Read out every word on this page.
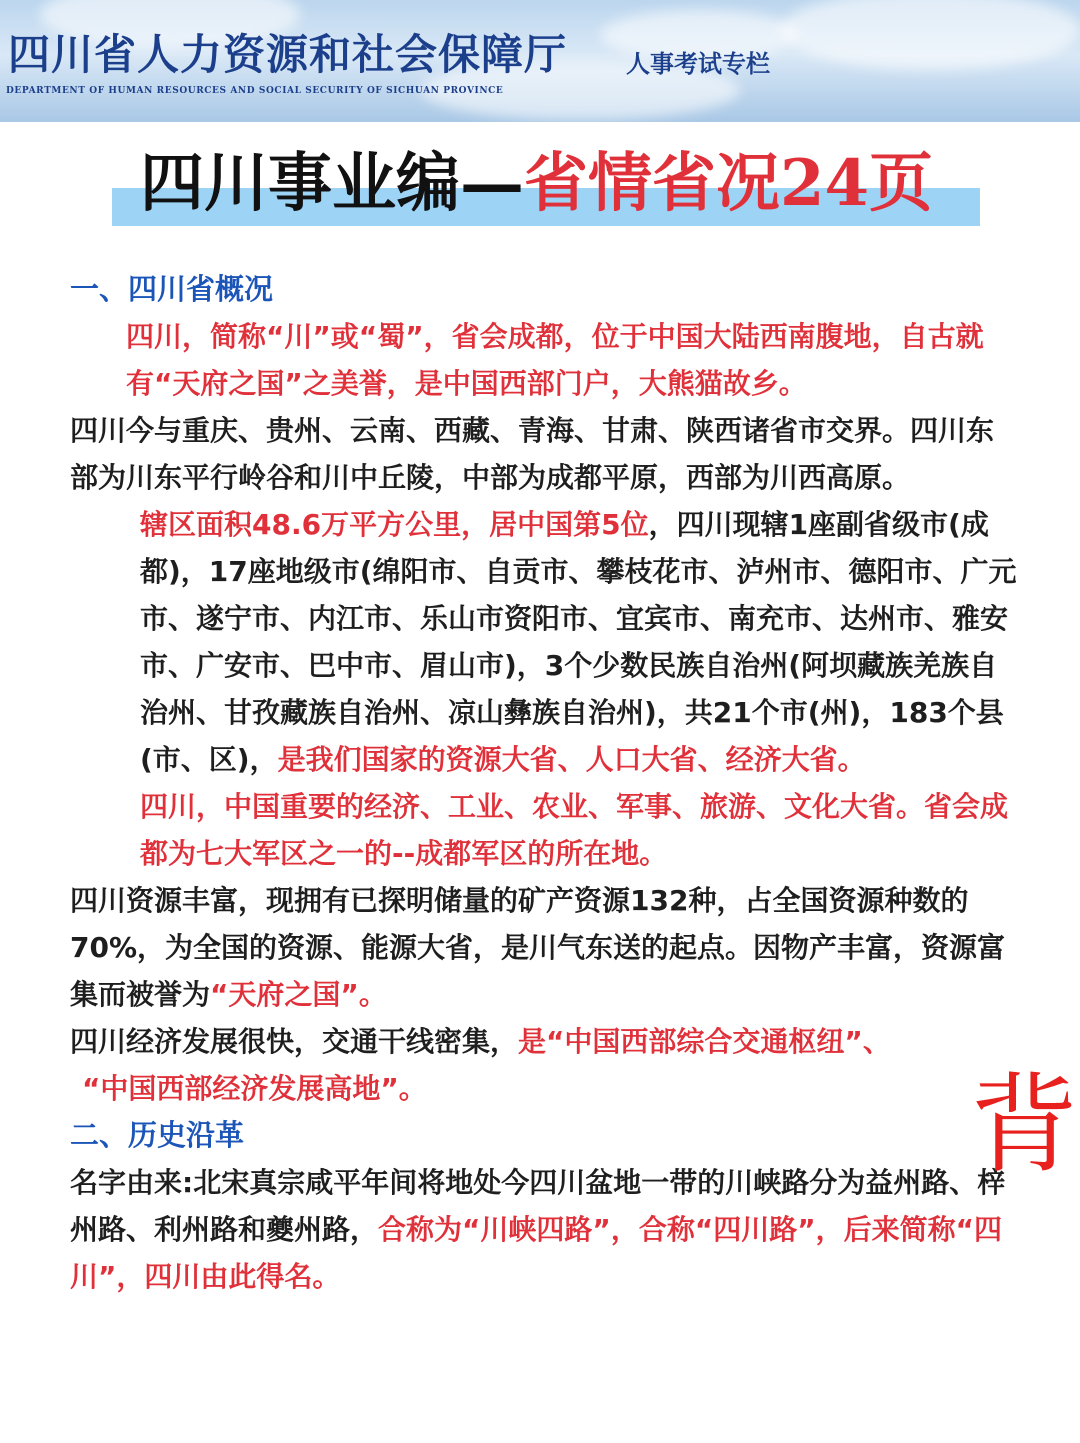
四川省人力资源和社会保障厅
DEPARTMENT OF HUMAN RESOURCES AND SOCIAL SECURITY OF SICHUAN PROVINCE
人事考试专栏
四川事业编—省情省况24页

一、四川省概况

四川，简称“川”或“蜀”，省会成都，位于中国大陆西南腹地，自古就有“天府之国”之美誉，是中国西部门户，大熊猫故乡。

四川今与重庆、贵州、云南、西藏、青海、甘肃、陕西诸省市交界。四川东部为川东平行岭谷和川中丘陵，中部为成都平原，西部为川西高原。

辖区面积48.6万平方公里，居中国第5位，四川现辖1座副省级市(成都)，17座地级市(绵阳市、自贡市、攀枝花市、泸州市、德阳市、广元市、遂宁市、内江市、乐山市资阳市、宜宾市、南充市、达州市、雅安市、广安市、巴中市、眉山市)，3个少数民族自治州(阿坝藏族羌族自治州、甘孜藏族自治州、凉山彝族自治州)，共21个市(州)，183个县(市、区)，是我们国家的资源大省、人口大省、经济大省。

四川，中国重要的经济、工业、农业、军事、旅游、文化大省。省会成都为七大军区之一的--成都军区的所在地。

四川资源丰富，现拥有已探明储量的矿产资源132种，占全国资源种数的70%，为全国的资源、能源大省，是川气东送的起点。因物产丰富，资源富集而被誉为“天府之国”。

四川经济发展很快，交通干线密集，是“中国西部综合交通枢纽”、

“中国西部经济发展高地”。

二、历史沿革

名字由来:北宋真宗咸平年间将地处今四川盆地一带的川峡路分为益州路、梓州路、利州路和夔州路，合称为“川峡四路”，合称“四川路”，后来简称“四川”，四川由此得名。

背
